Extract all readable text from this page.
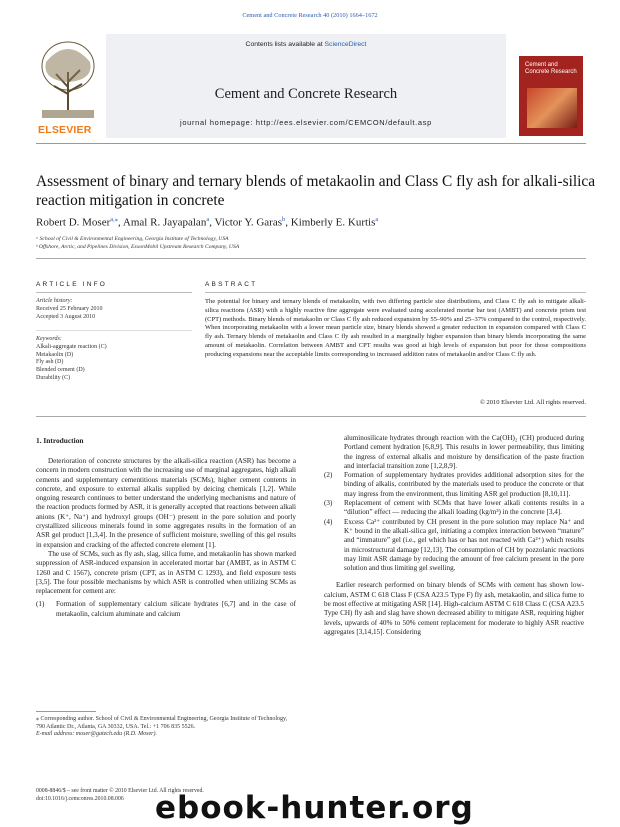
Cement and Concrete Research 40 (2010) 1664–1672
ELSEVIER
Contents lists available at ScienceDirect
Cement and Concrete Research
journal homepage: http://ees.elsevier.com/CEMCON/default.asp
Cement and Concrete Research
Assessment of binary and ternary blends of metakaolin and Class C fly ash for alkali-silica reaction mitigation in concrete
Robert D. Moser$^{a,⁎}$, Amal R. Jayapalan$^a$, Victor Y. Garas$^b$, Kimberly E. Kurtis$^a$
ᵃ School of Civil & Environmental Engineering, Georgia Institute of Technology, USA
ᵇ Offshore, Arctic, and Pipelines Division, ExxonMobil Upstream Research Company, USA
ARTICLE INFO	ABSTRACT
Article history:
Received 25 February 2010
Accepted 3 August 2010
Keywords:
Alkali-aggregate reaction (C)
Metakaolin (D)
Fly ash (D)
Blended cement (D)
Durability (C)
The potential for binary and ternary blends of metakaolin, with two differing particle size distributions, and Class C fly ash to mitigate alkali-silica reactions (ASR) with a highly reactive fine aggregate were evaluated using accelerated mortar bar test (AMBT) and concrete prism test (CPT) methods. Binary blends of metakaolin or Class C fly ash reduced expansion by 55–90% and 25–37% compared to the control, respectively. When incorporating metakaolin with a lower mean particle size, binary blends showed a greater reduction in expansion compared with Class C fly ash. Ternary blends of metakaolin and Class C fly ash resulted in a marginally higher expansion than binary blends incorporating the same amount of metakaolin. Correlation between AMBT and CPT results was good at high levels of expansion but poor for those compositions producing expansions near the acceptable limits corresponding to increased addition rates of metakaolin and/or Class C fly ash.
© 2010 Elsevier Ltd. All rights reserved.
1. Introduction

Deterioration of concrete structures by the alkali-silica reaction (ASR) has become a concern in modern construction with the increasing use of marginal aggregates, high alkali cements and supplementary cementitious materials (SCMs), higher cement contents in concrete, and exposure to external alkalis supplied by deicing chemicals [1,2]. While ongoing research continues to better understand the underlying mechanisms and nature of the reaction products formed by ASR, it is generally accepted that reactions between alkali anions (K⁺, Na⁺) and hydroxyl groups (OH⁻) present in the pore solution and poorly crystallized siliceous minerals found in some aggregates results in the formation of an ASR gel product [1,3,4]. In the presence of sufficient moisture, swelling of this gel results in expansion and cracking of the affected concrete element [1].

The use of SCMs, such as fly ash, slag, silica fume, and metakaolin has shown marked suppression of ASR-induced expansion in accelerated mortar bar (AMBT, as in ASTM C 1260 and C 1567), concrete prism (CPT, as in ASTM C 1293), and field exposure tests [3,5]. The four possible mechanisms by which ASR is controlled when utilizing SCMs as replacement for cement are:

(1)	Formation of supplementary calcium silicate hydrates [6,7] and in the case of metakaolin, calcium aluminate and calcium
aluminosilicate hydrates through reaction with the Ca(OH)₂ (CH) produced during Portland cement hydration [6,8,9]. This results in lower permeability, thus limiting the ingress of external alkalis and moisture by densification of the paste fraction and interfacial transition zone [1,2,8,9].
(2)	Formation of supplementary hydrates provides additional adsorption sites for the binding of alkalis, contributed by the materials used to produce the concrete or that may ingress from the environment, thus limiting ASR gel production [8,10,11].
(3)	Replacement of cement with SCMs that have lower alkali contents results in a “dilution” effect — reducing the alkali loading (kg/m³) in the concrete [3,4].
(4)	Excess Ca²⁺ contributed by CH present in the pore solution may replace Na⁺ and K⁺ bound in the alkali-silica gel, initiating a complex interaction between “mature” and “immature” gel (i.e., gel which has or has not reacted with Ca²⁺) which results in microstructural damage [12,13]. The consumption of CH by pozzolanic reactions may limit ASR damage by reducing the amount of free calcium present in the pore solution and thus limiting gel swelling.

Earlier research performed on binary blends of SCMs with cement has shown low-calcium, ASTM C 618 Class F (CSA A23.5 Type F) fly ash, metakaolin, and silica fume to be most effective at mitigating ASR [14]. High-calcium ASTM C 618 Class C (CSA A23.5 Type CH) fly ash and slag have shown decreased ability to mitigate ASR, requiring higher levels, upwards of 40% to 50% cement replacement for moderate to highly ASR reactive aggregates [3,14,15]. Considering

⁎ Corresponding author. School of Civil & Environmental Engineering, Georgia Institute of Technology, 790 Atlantic Dr., Atlanta, GA 30332, USA. Tel.: +1 706 835 5526.
E-mail address: moser@gatech.edu (R.D. Moser).
0008-8846/$ – see front matter © 2010 Elsevier Ltd. All rights reserved.
doi:10.1016/j.cemconres.2010.08.006	ebook-hunter.org
